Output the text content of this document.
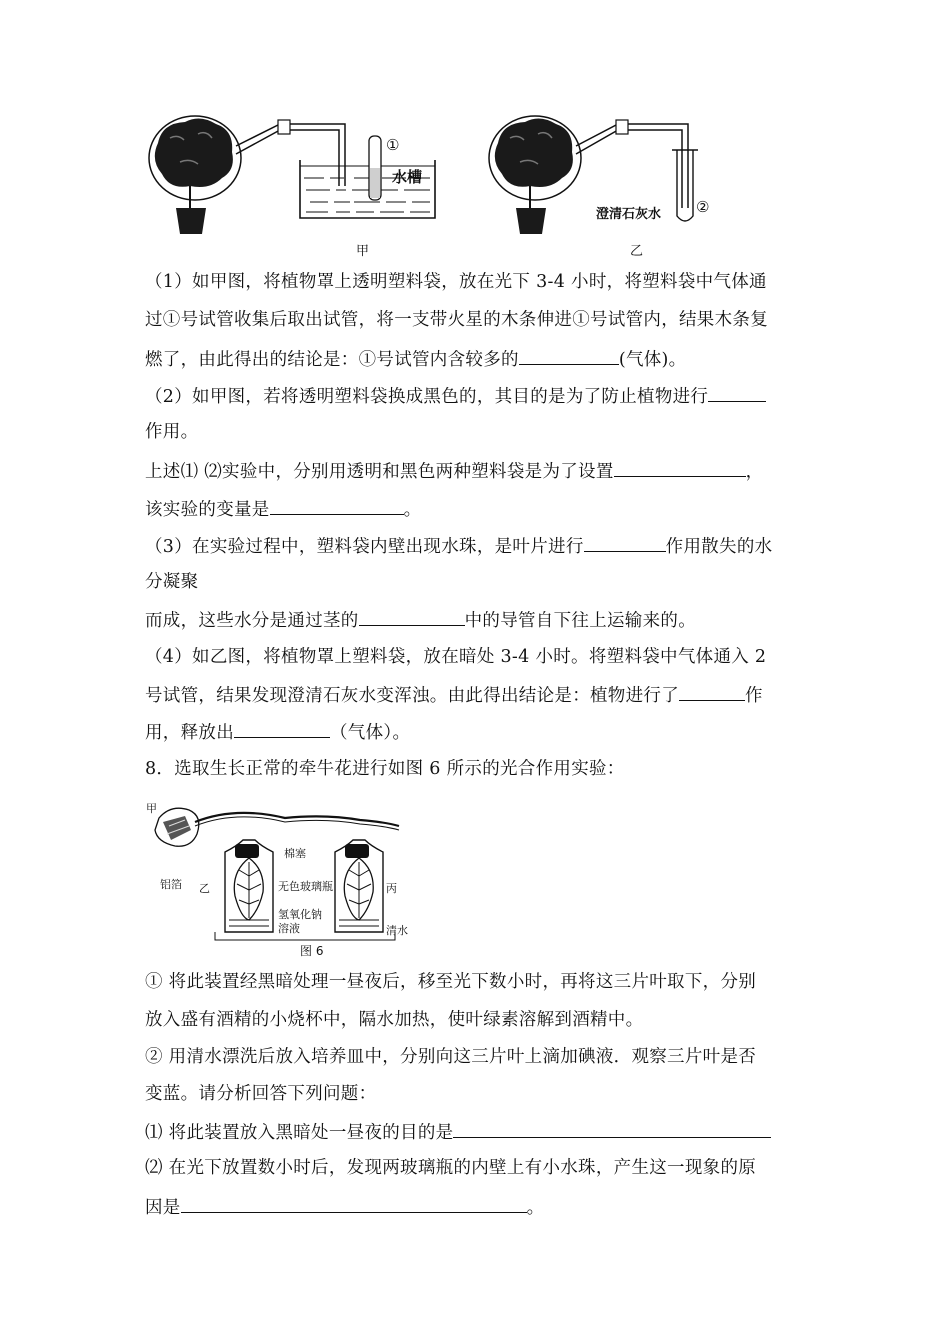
①
水槽
甲
澄清石灰水 ②
乙
（1）如甲图，将植物罩上透明塑料袋，放在光下 3-4 小时，将塑料袋中气体通
过①号试管收集后取出试管，将一支带火星的木条伸进①号试管内，结果木条复
燃了，由此得出的结论是：①号试管内含较多的	(气体)。
（2）如甲图，若将透明塑料袋换成黑色的，其目的是为了防止植物进行
作用。
上述⑴ ⑵实验中，分别用透明和黑色两种塑料袋是为了设置	，
该实验的变量是	。
（3）在实验过程中，塑料袋内壁出现水珠，是叶片进行	作用散失的水
分凝聚
而成，这些水分是通过茎的	中的导管自下往上运输来的。
（4）如乙图，将植物罩上塑料袋，放在暗处 3-4 小时。将塑料袋中气体通入 2
号试管，结果发现澄清石灰水变浑浊。由此得出结论是：植物进行了	作
用，释放出	（气体）。
8．选取生长正常的牵牛花进行如图 6 所示的光合作用实验：
甲
铝箔
棉塞
乙	无色玻璃瓶	丙
氢氧化钠
溶液	清水
图 6
① 将此装置经黑暗处理一昼夜后，移至光下数小时，再将这三片叶取下，分别
放入盛有酒精的小烧杯中，隔水加热，使叶绿素溶解到酒精中。
② 用清水漂洗后放入培养皿中，分别向这三片叶上滴加碘液．观察三片叶是否
变蓝。请分析回答下列问题：
⑴ 将此装置放入黑暗处一昼夜的目的是
⑵ 在光下放置数小时后，发现两玻璃瓶的内壁上有小水珠，产生这一现象的原
因是	。
